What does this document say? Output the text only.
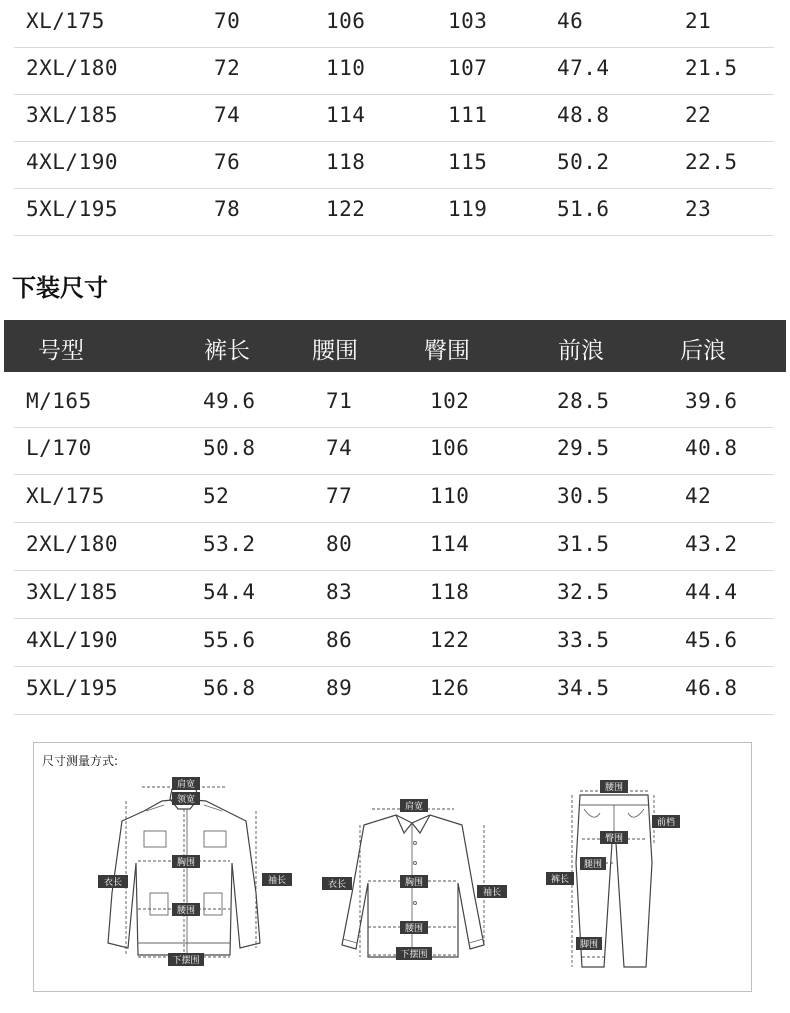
XL/175	70	106	103	46	21
2XL/180	72	110	107	47.4	21.5
3XL/185	74	114	111	48.8	22
4XL/190	76	118	115	50.2	22.5
5XL/195	78	122	119	51.6	23
下装尺寸
号型	裤长	腰围	臀围	前浪	后浪
M/165	49.6	71	102	28.5	39.6
L/170	50.8	74	106	29.5	40.8
XL/175	52	77	110	30.5	42
2XL/180	53.2	80	114	31.5	43.2
3XL/185	54.4	83	118	32.5	44.4
4XL/190	55.6	86	122	33.5	45.6
5XL/195	56.8	89	126	34.5	46.8
尺寸测量方式:
肩宽
领宽
胸围
腰围
下摆围
衣长	袖长
肩宽
胸围
腰围
下摆围
衣长
袖长
腰围
前档
臀围
腿围
裤长
脚围
